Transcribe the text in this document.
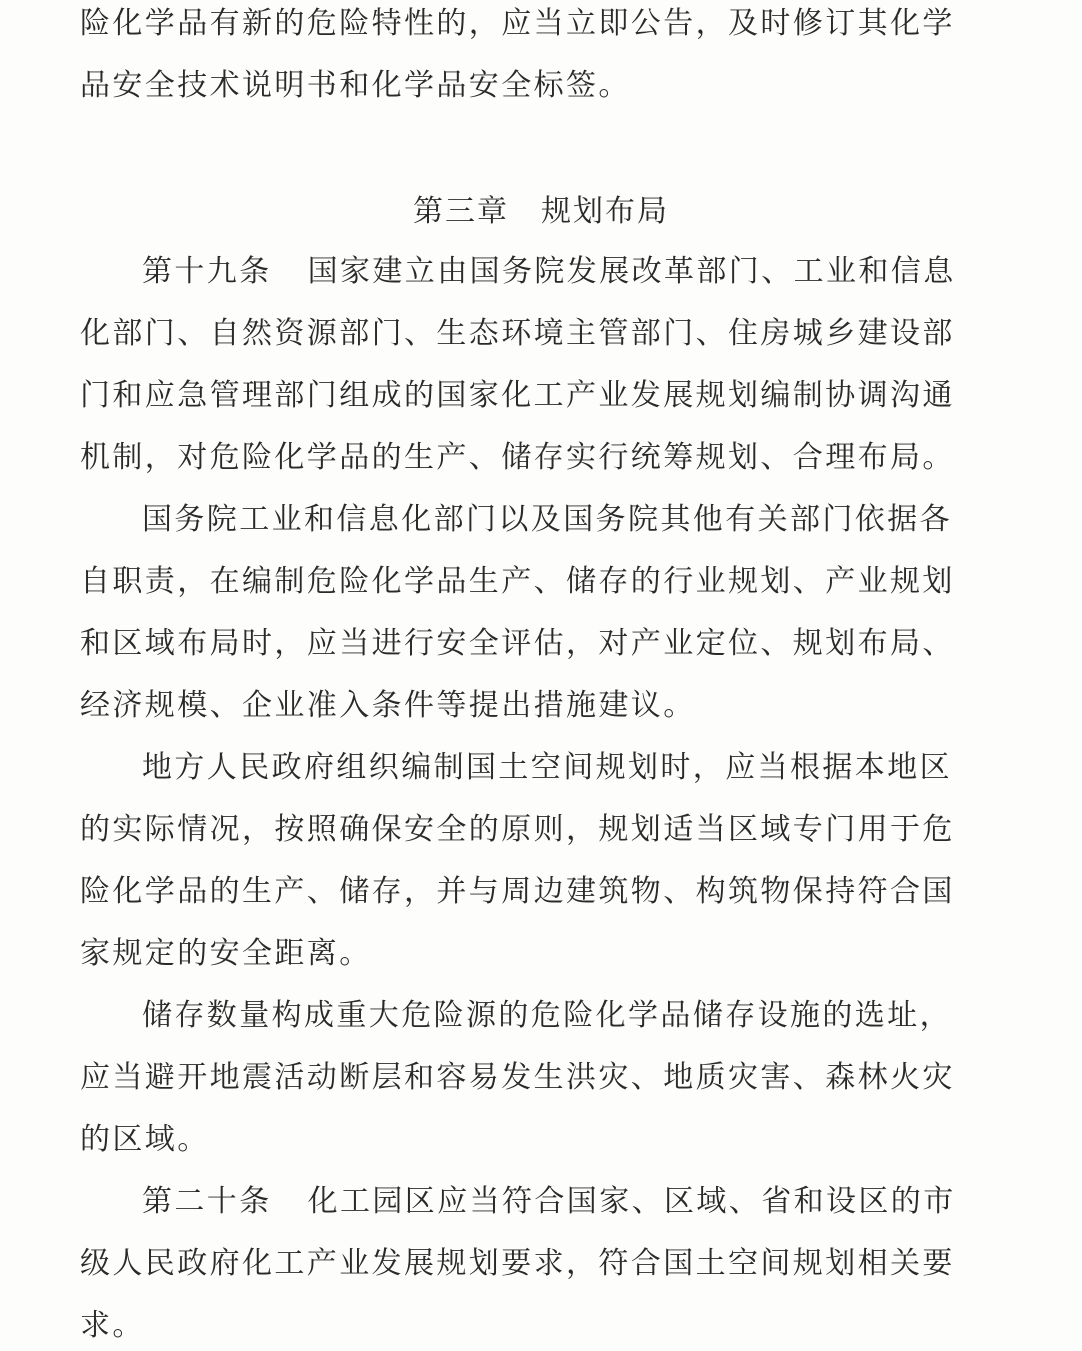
险化学品有新的危险特性的，应当立即公告，及时修订其化学
品安全技术说明书和化学品安全标签。
第三章　规划布局
第十九条 国家建立由国务院发展改革部门、工业和信息
化部门、自然资源部门、生态环境主管部门、住房城乡建设部
门和应急管理部门组成的国家化工产业发展规划编制协调沟通
机制，对危险化学品的生产、储存实行统筹规划、合理布局。
国务院工业和信息化部门以及国务院其他有关部门依据各
自职责，在编制危险化学品生产、储存的行业规划、产业规划
和区域布局时，应当进行安全评估，对产业定位、规划布局、
经济规模、企业准入条件等提出措施建议。
地方人民政府组织编制国土空间规划时，应当根据本地区
的实际情况，按照确保安全的原则，规划适当区域专门用于危
险化学品的生产、储存，并与周边建筑物、构筑物保持符合国
家规定的安全距离。
储存数量构成重大危险源的危险化学品储存设施的选址，
应当避开地震活动断层和容易发生洪灾、地质灾害、森林火灾
的区域。
第二十条 化工园区应当符合国家、区域、省和设区的市
级人民政府化工产业发展规划要求，符合国土空间规划相关要
求。
